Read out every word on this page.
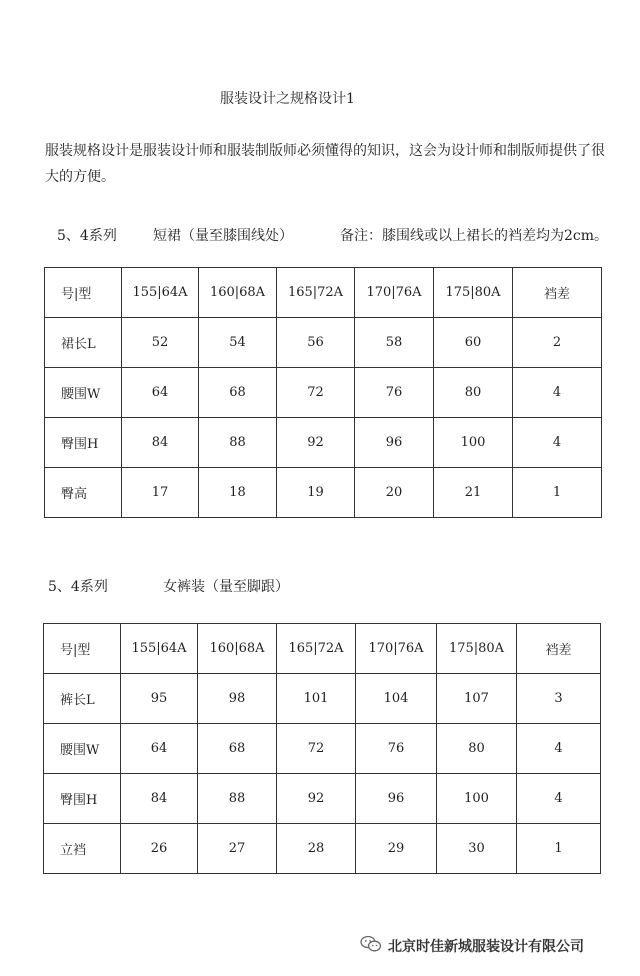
服装设计之规格设计1
服装规格设计是服装设计师和服装制版师必须懂得的知识，这会为设计师和制版师提供了很大的方便。
5、4系列	短裙（量至膝围线处）	备注：膝围线或以上裙长的裆差均为2cm。
号|型	155|64A	160|68A	165|72A	170|76A	175|80A	裆差
裙长L	52	54	56	58	60	2
腰围W	64	68	72	76	80	4
臀围H	84	88	92	96	100	4
臀高	17	18	19	20	21	1
5、4系列	女裤装（量至脚跟）
号|型	155|64A	160|68A	165|72A	170|76A	175|80A	裆差
裤长L	95	98	101	104	107	3
腰围W	64	68	72	76	80	4
臀围H	84	88	92	96	100	4
立裆	26	27	28	29	30	1
北京时佳新城服装设计有限公司
